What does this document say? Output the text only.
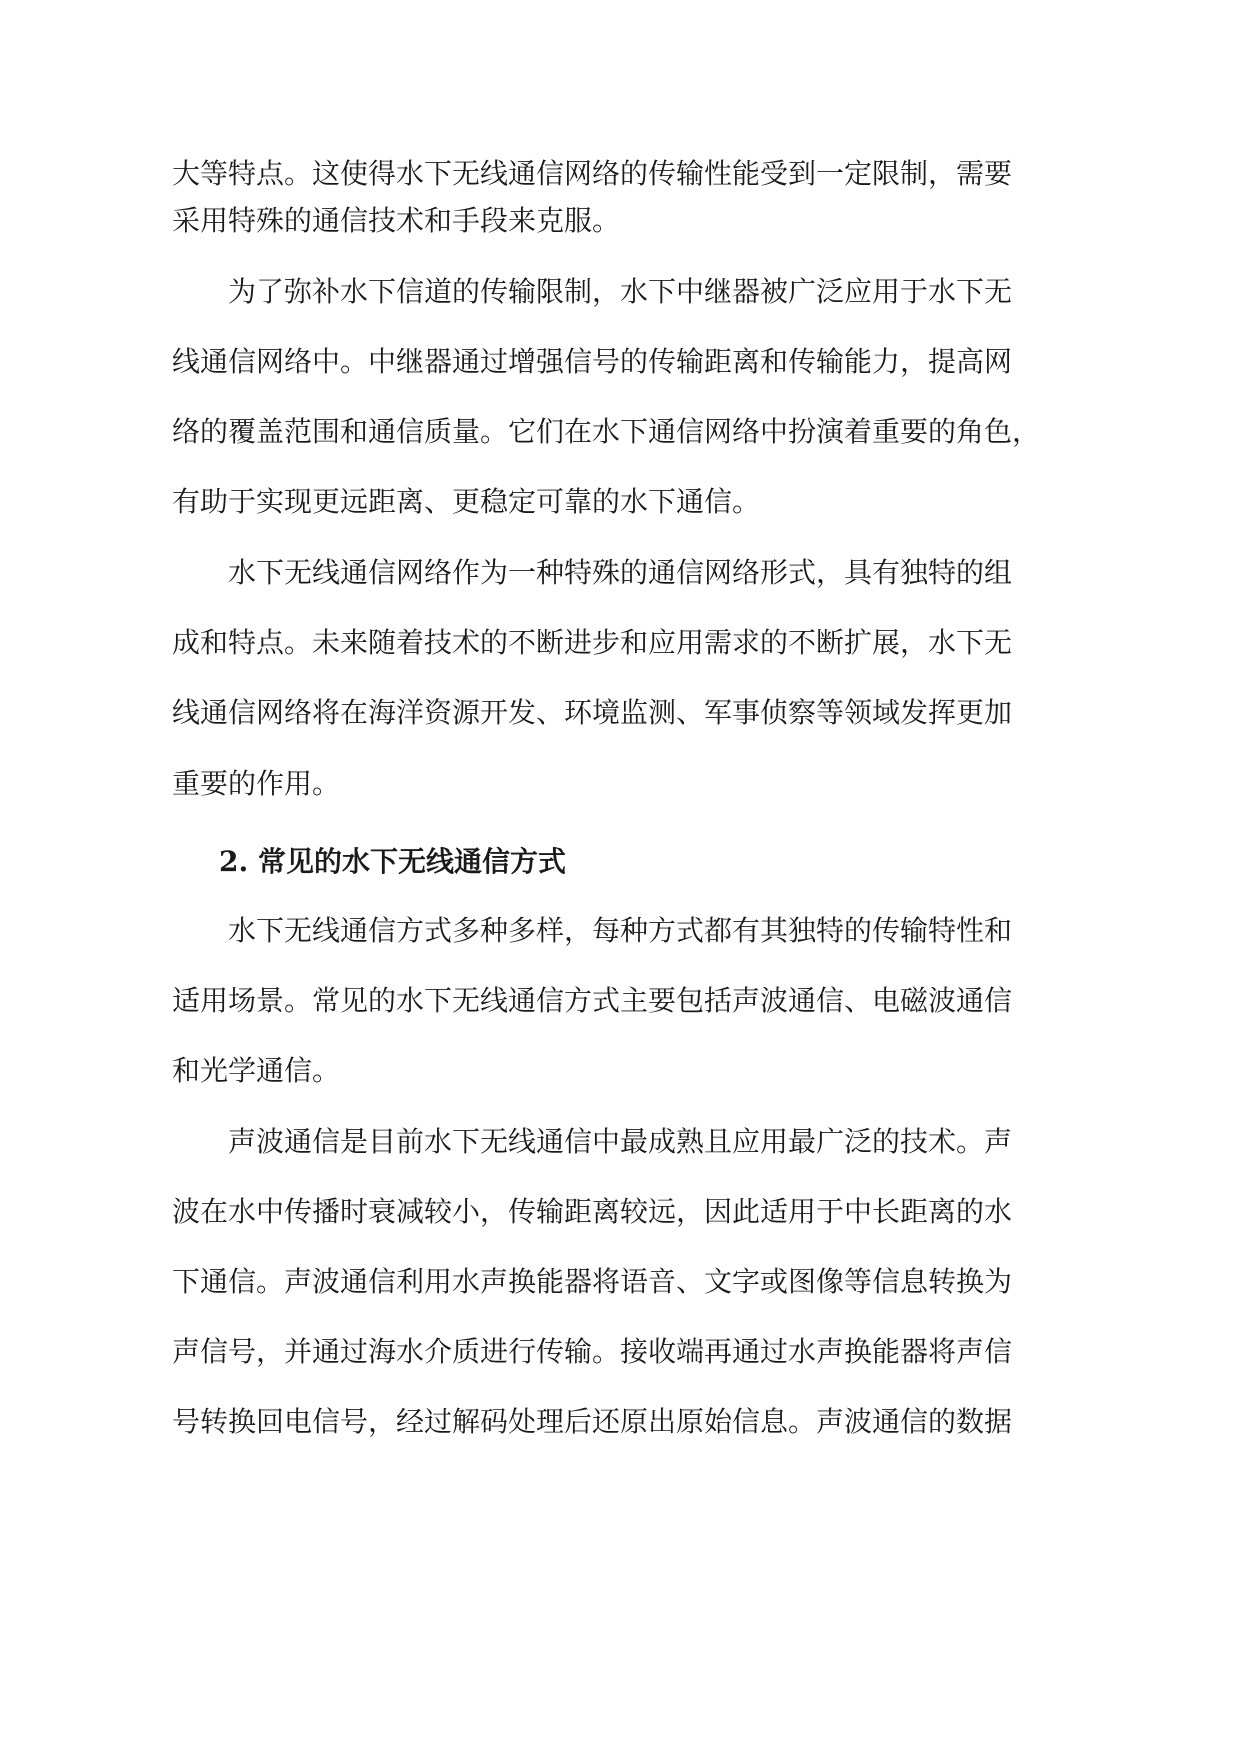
大等特点。这使得水下无线通信网络的传输性能受到一定限制，需要
采用特殊的通信技术和手段来克服。
为了弥补水下信道的传输限制，水下中继器被广泛应用于水下无
线通信网络中。中继器通过增强信号的传输距离和传输能力，提高网
络的覆盖范围和通信质量。它们在水下通信网络中扮演着重要的角色，
有助于实现更远距离、更稳定可靠的水下通信。
水下无线通信网络作为一种特殊的通信网络形式，具有独特的组
成和特点。未来随着技术的不断进步和应用需求的不断扩展，水下无
线通信网络将在海洋资源开发、环境监测、军事侦察等领域发挥更加
重要的作用。
2. 常见的水下无线通信方式
水下无线通信方式多种多样，每种方式都有其独特的传输特性和
适用场景。常见的水下无线通信方式主要包括声波通信、电磁波通信
和光学通信。
声波通信是目前水下无线通信中最成熟且应用最广泛的技术。声
波在水中传播时衰减较小，传输距离较远，因此适用于中长距离的水
下通信。声波通信利用水声换能器将语音、文字或图像等信息转换为
声信号，并通过海水介质进行传输。接收端再通过水声换能器将声信
号转换回电信号，经过解码处理后还原出原始信息。声波通信的数据
